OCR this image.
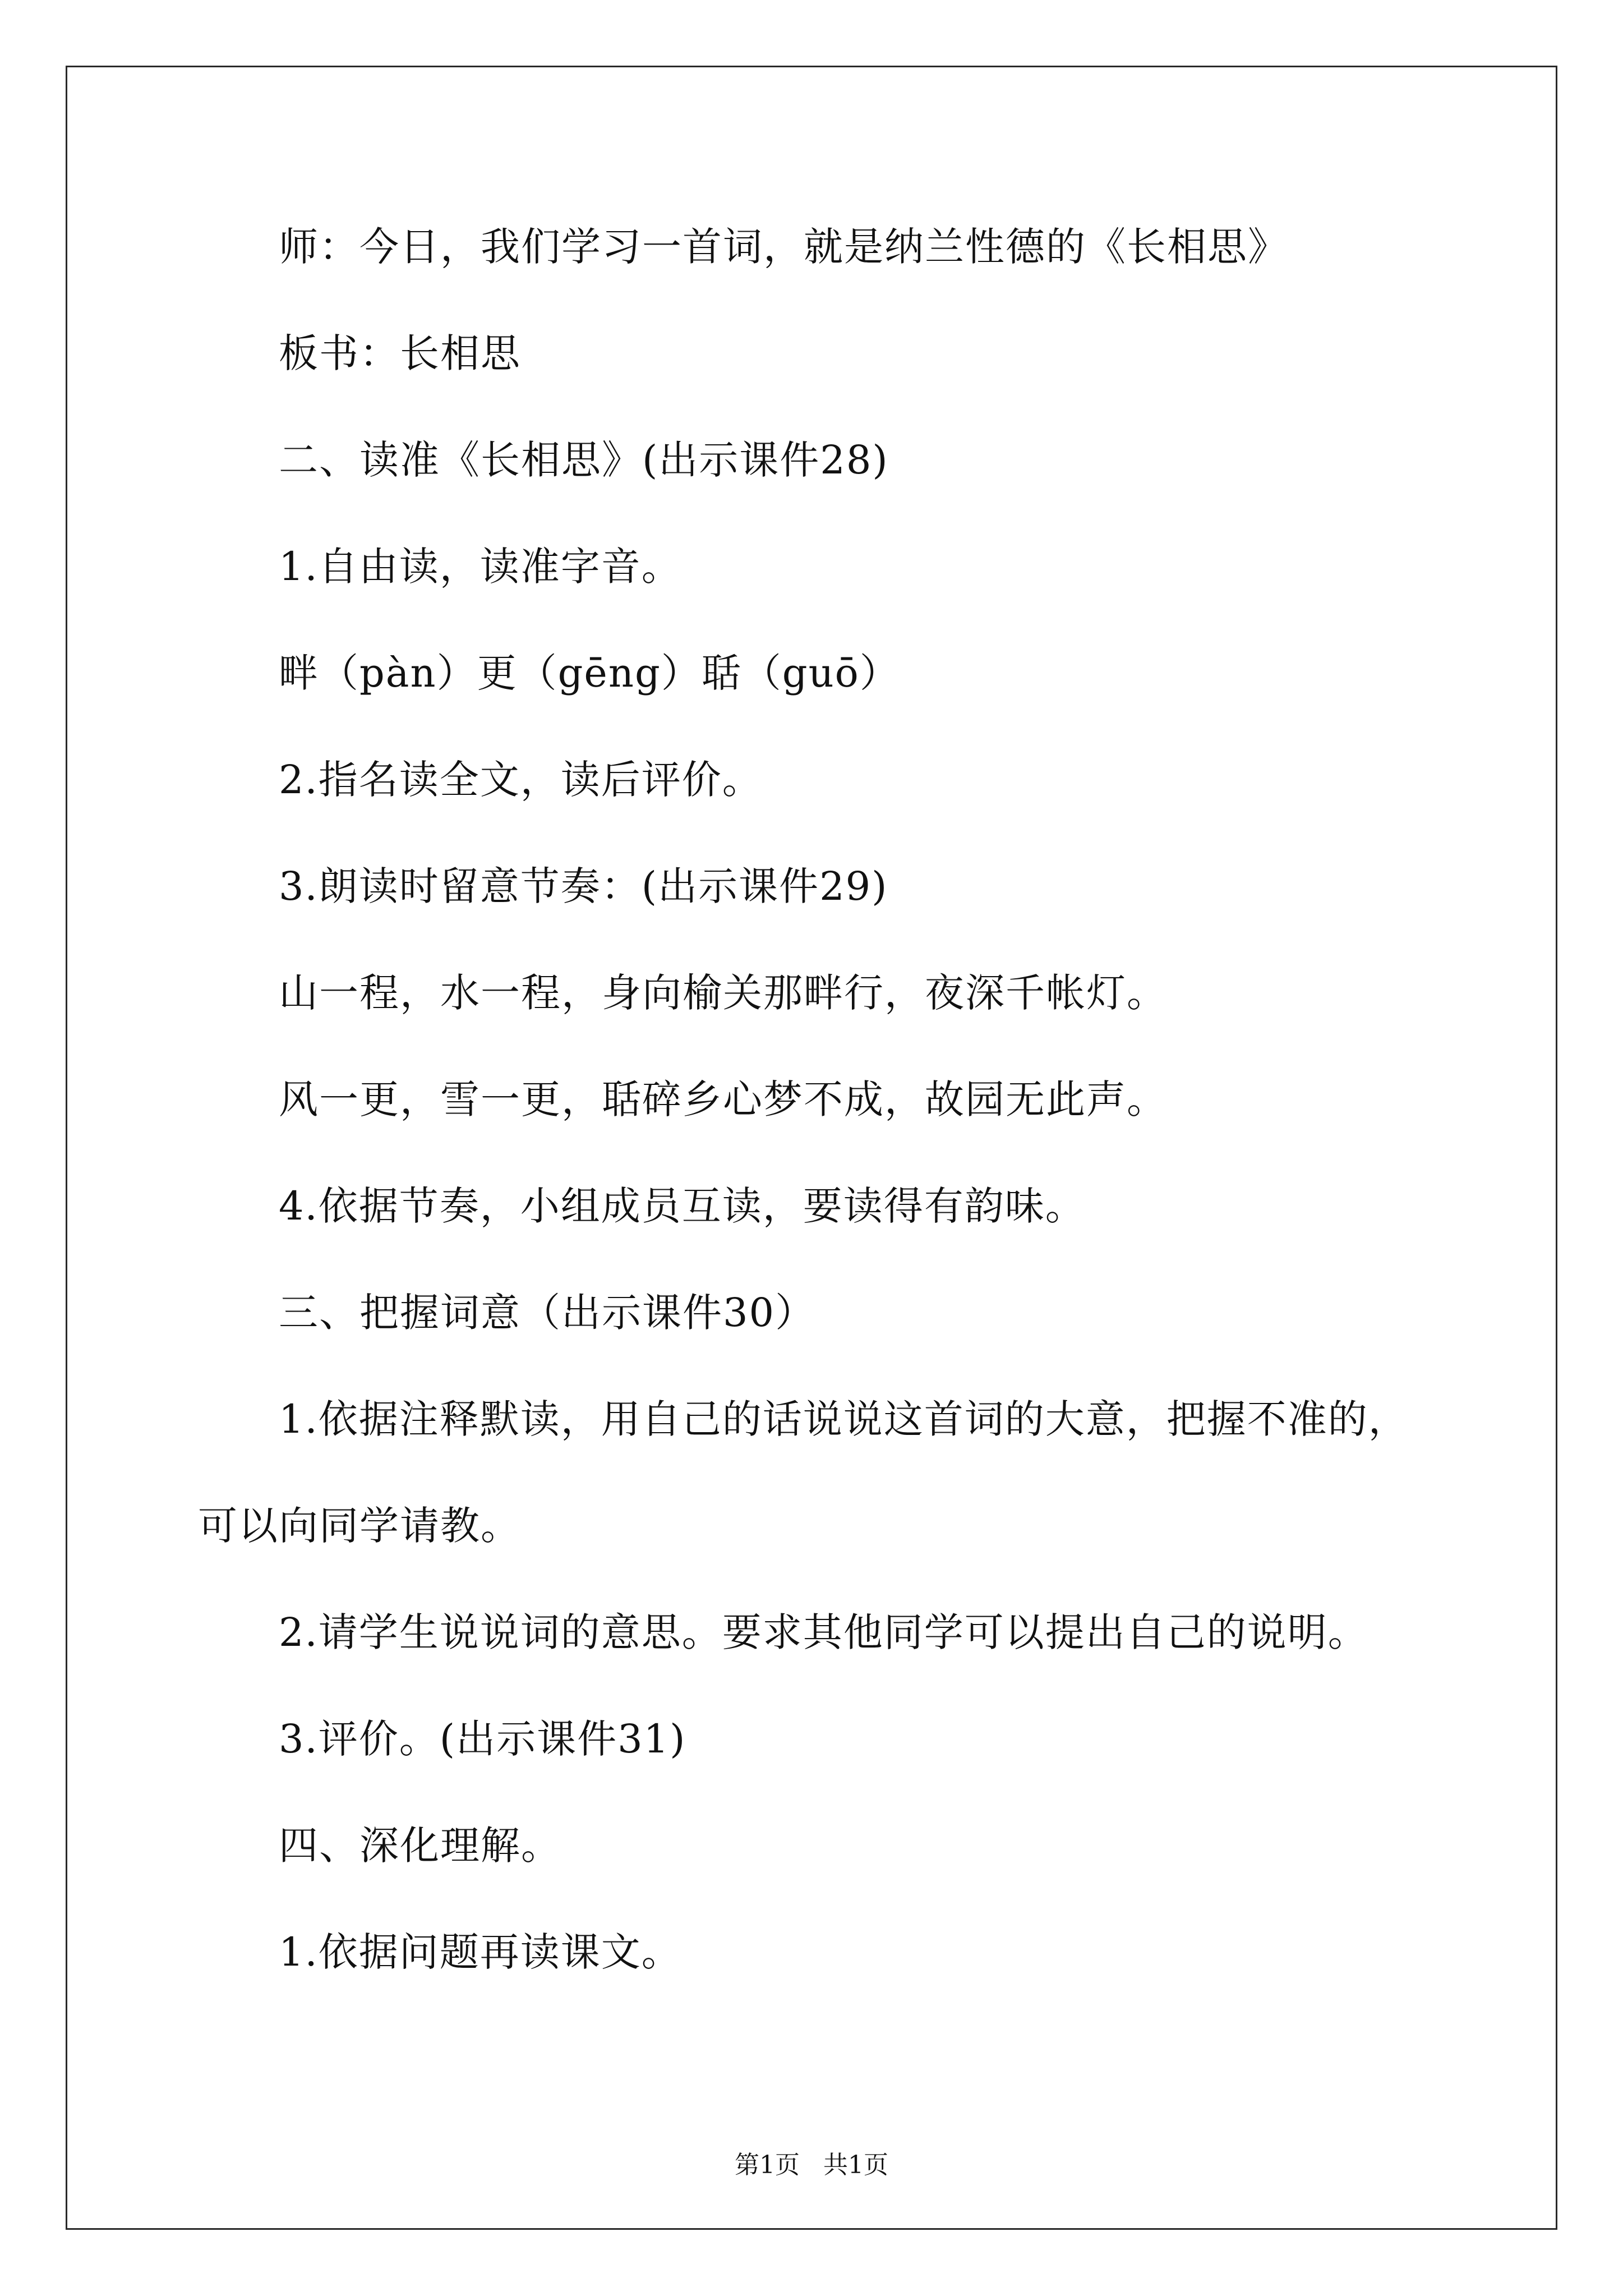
师：今日，我们学习一首词，就是纳兰性德的《长相思》
板书：长相思
二、读准《长相思》(出示课件28)
1.自由读，读准字音。
畔（pàn）更（gēng）聒（guō）
2.指名读全文，读后评价。
3.朗读时留意节奏：(出示课件29)
山一程，水一程，身向榆关那畔行，夜深千帐灯。
风一更，雪一更，聒碎乡心梦不成，故园无此声。
4.依据节奏，小组成员互读，要读得有韵味。
三、把握词意（出示课件30）
1.依据注释默读，用自己的话说说这首词的大意，把握不准的，
可以向同学请教。
2.请学生说说词的意思。要求其他同学可以提出自己的说明。
3.评价。(出示课件31)
四、深化理解。
1.依据问题再读课文。
第1页   共1页
